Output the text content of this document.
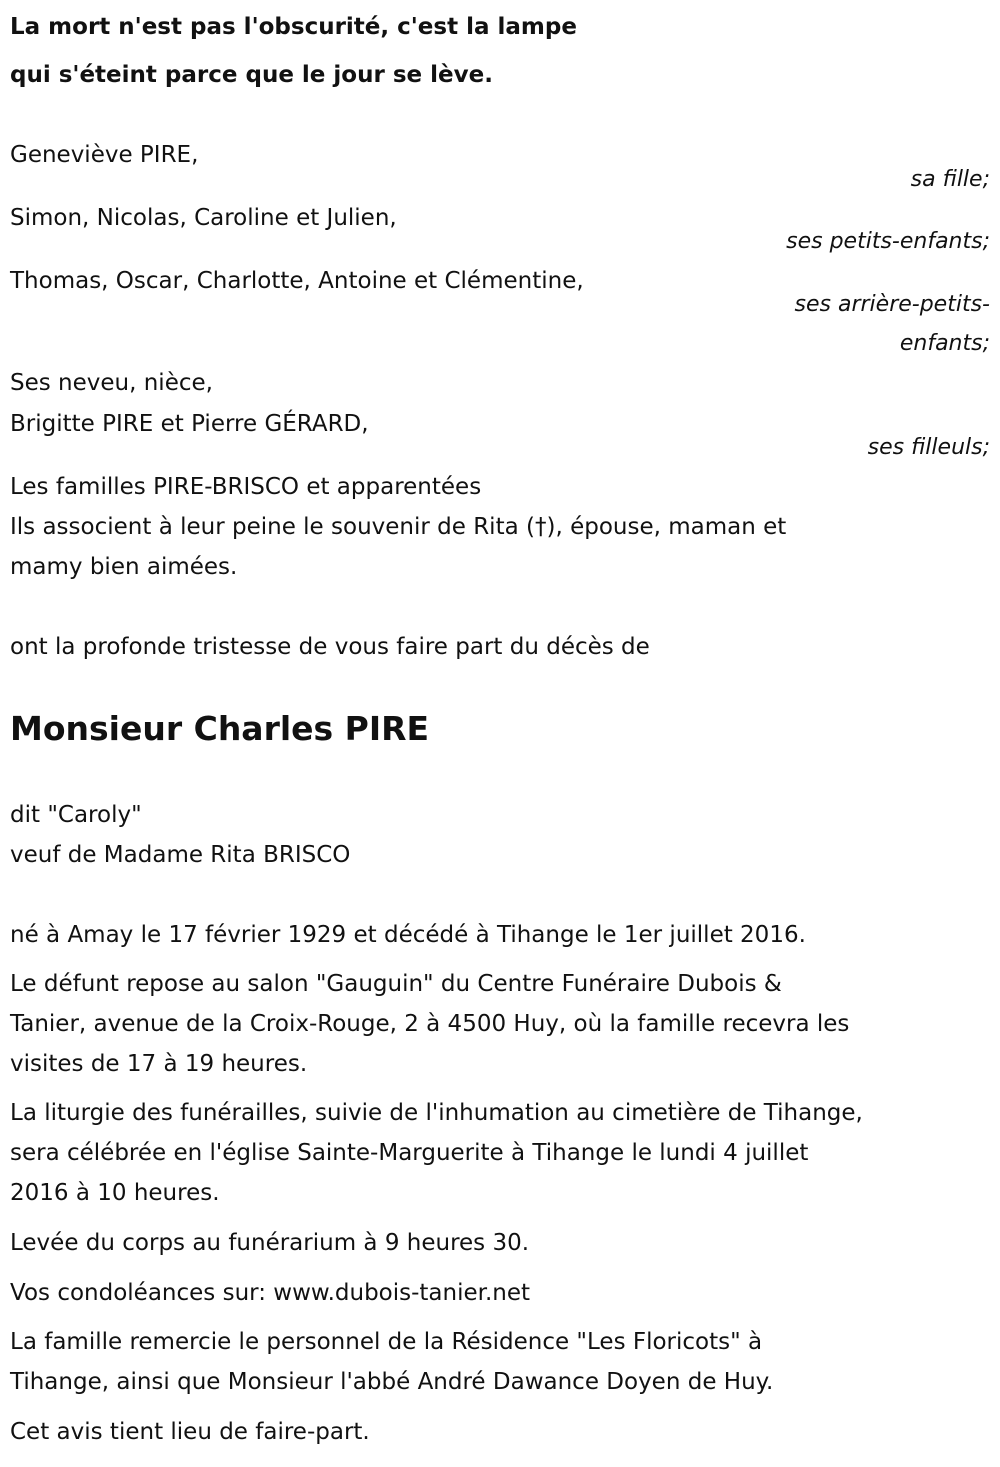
La mort n'est pas l'obscurité, c'est la lampe
qui s'éteint parce que le jour se lève.
Geneviève PIRE,
sa fille;
Simon, Nicolas, Caroline et Julien,
ses petits-enfants;
Thomas, Oscar, Charlotte, Antoine et Clémentine,
ses arrière-petits-
enfants;
Ses neveu, nièce,
Brigitte PIRE et Pierre GÉRARD,
ses filleuls;
Les familles PIRE-BRISCO et apparentées
Ils associent à leur peine le souvenir de Rita (†), épouse, maman et
mamy bien aimées.
ont la profonde tristesse de vous faire part du décès de
Monsieur Charles PIRE
dit "Caroly"
veuf de Madame Rita BRISCO
né à Amay le 17 février 1929 et décédé à Tihange le 1er juillet 2016.
Le défunt repose au salon "Gauguin" du Centre Funéraire Dubois &
Tanier, avenue de la Croix-Rouge, 2 à 4500 Huy, où la famille recevra les
visites de 17 à 19 heures.
La liturgie des funérailles, suivie de l'inhumation au cimetière de Tihange,
sera célébrée en l'église Sainte-Marguerite à Tihange le lundi 4 juillet
2016 à 10 heures.
Levée du corps au funérarium à 9 heures 30.
Vos condoléances sur: www.dubois-tanier.net
La famille remercie le personnel de la Résidence "Les Floricots" à
Tihange, ainsi que Monsieur l'abbé André Dawance Doyen de Huy.
Cet avis tient lieu de faire-part.
